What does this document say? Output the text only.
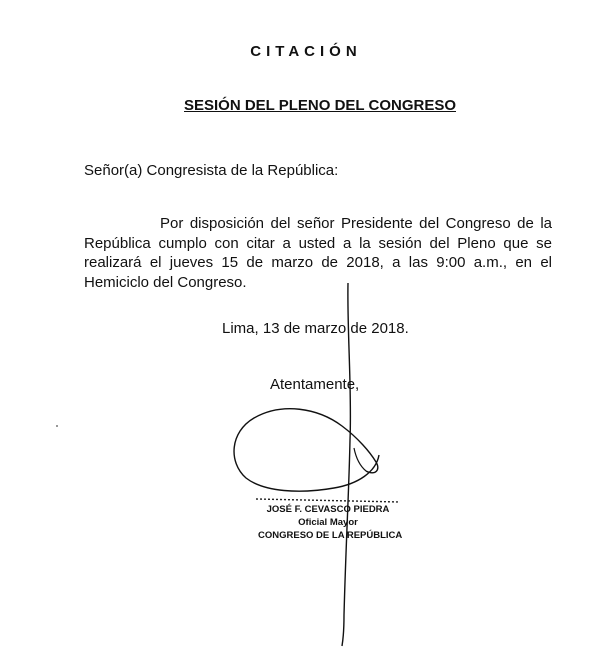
CITACIÓN
SESIÓN DEL PLENO DEL CONGRESO
Señor(a) Congresista de la República:
Por disposición del señor Presidente del Congreso de la República cumplo con citar a usted a la sesión del Pleno que se realizará el jueves 15 de marzo de 2018, a las 9:00 a.m., en el Hemiciclo del Congreso.
Lima, 13 de marzo de 2018.
Atentamente,
JOSÉ F. CEVASCO PIEDRA
Oficial Mayor
CONGRESO DE LA REPÚBLICA
